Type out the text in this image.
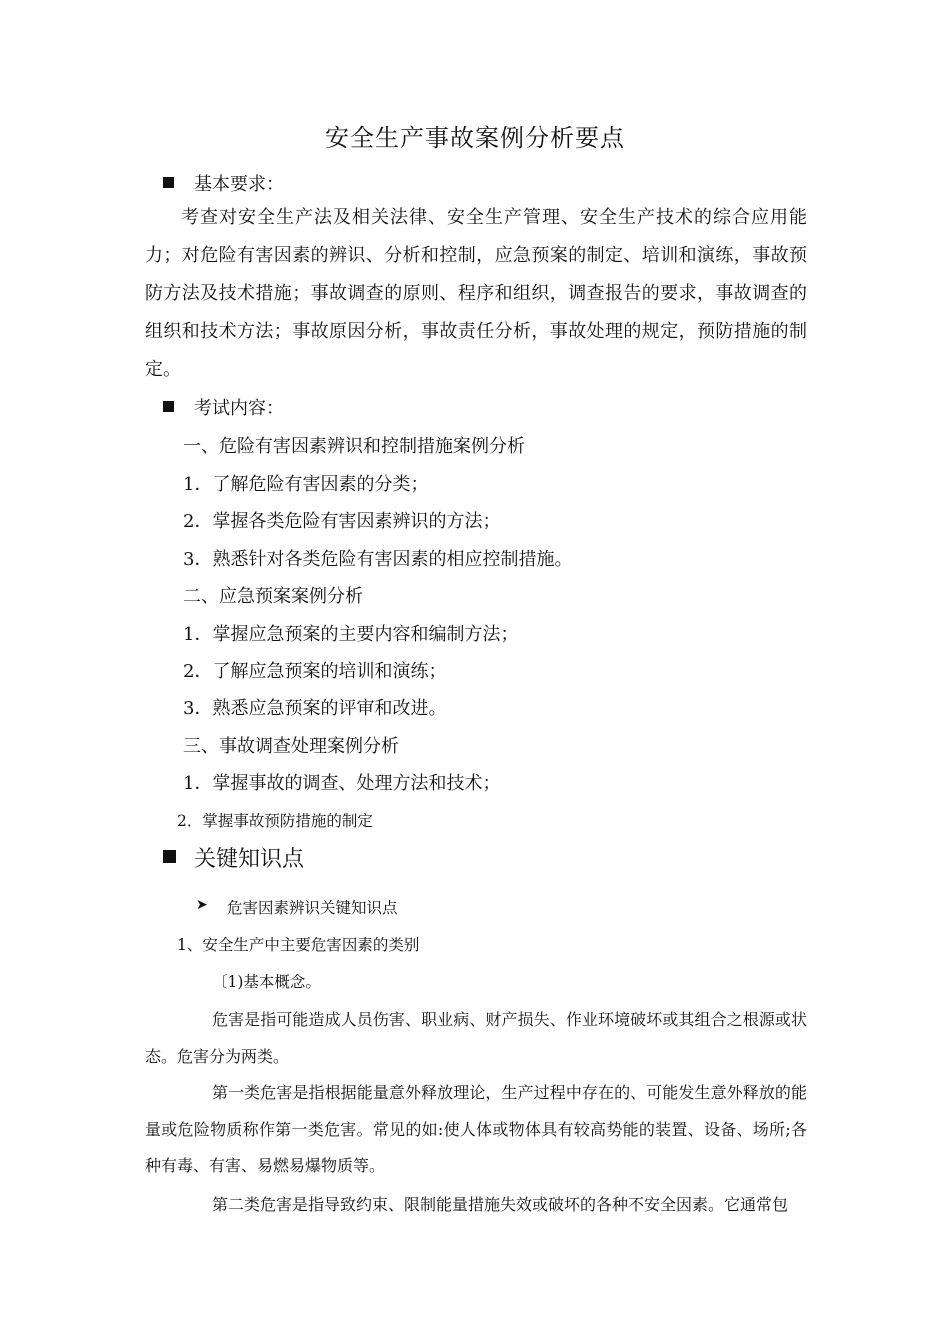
安全生产事故案例分析要点
基本要求：
考查对安全生产法及相关法律、安全生产管理、安全生产技术的综合应用能力；对危险有害因素的辨识、分析和控制，应急预案的制定、培训和演练，事故预防方法及技术措施；事故调查的原则、程序和组织，调查报告的要求，事故调查的组织和技术方法；事故原因分析，事故责任分析，事故处理的规定，预防措施的制定。
考试内容：
一、危险有害因素辨识和控制措施案例分析
1．了解危险有害因素的分类；
2．掌握各类危险有害因素辨识的方法；
3．熟悉针对各类危险有害因素的相应控制措施。
二、应急预案案例分析
1．掌握应急预案的主要内容和编制方法；
2．了解应急预案的培训和演练；
3．熟悉应急预案的评审和改进。
三、事故调查处理案例分析
1．掌握事故的调查、处理方法和技术；
2．掌握事故预防措施的制定
关键知识点
➤ 危害因素辨识关键知识点
1、安全生产中主要危害因素的类别
〔1)基本概念。
危害是指可能造成人员伤害、职业病、财产损失、作业环境破坏或其组合之根源或状态。危害分为两类。
第一类危害是指根据能量意外释放理论，生产过程中存在的、可能发生意外释放的能量或危险物质称作第一类危害。常见的如:使人体或物体具有较高势能的装置、设备、场所;各种有毒、有害、易燃易爆物质等。
第二类危害是指导致约束、限制能量措施失效或破坏的各种不安全因素。它通常包
